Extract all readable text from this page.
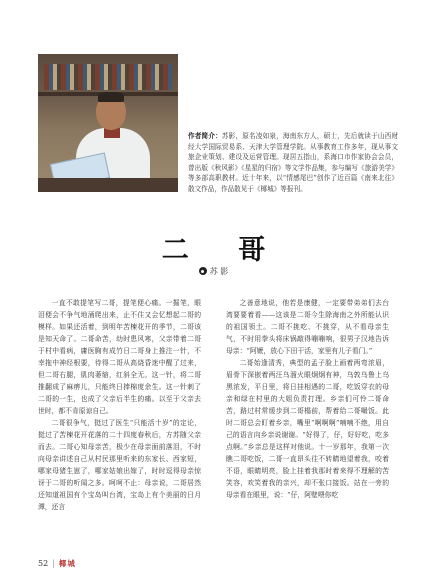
作者简介：苏影，原名凌如泉，海南东方人，硕士，先后就读于山西财经大学国际贸易系、天津大学管理学院。从事教育工作多年，现从事文旅企业策划、建设及运营管理。现居五指山，系海口市作家协会会员，曾出版《秋风影》《星星的归宿》等文学作品集，参与编写《旅游美学》等多部高职教材。近十年来，以“情感尾巴”创作了近百篇《南来北往》散文作品，作品散见于《椰城》等报刊。
二 哥
苏 影

一直不敢提笔写二哥，提笔便心痛。一掘笔，眼泪便会不争气地涌爬出来，止不住又会忆想起二哥的模样。如果还活着，到明年苦楝花开的季节，二哥该是知天命了。二哥命苦，幼时患风寒，父亲带着二哥于村中看病，庸医胸有成竹日二哥身上推注一针，不幸拖中神经根要，待得二哥从高烧昏迷中醒了过来，但二哥右腿，肌肉萎缩，红斜全无。这一针，将二哥推翻成了麻痹儿，只能终日捧棉度余生。这一针刺了二哥的一生，也成了父亲后半生的痛。以至于父亲去世时，都不肯原谅自己。

二哥很争气，挺过了医生“只能活十岁”的定论，挺过了苦楝花开花落的二十四度春秋后，方苏随父亲而去。二哥心知母亲苦，极少在母亲面前落泪，不时向母亲讲述自己从村民那里听来的东家长、西家短，哪家母猪生崽了，哪家姑娘出嫁了，时时逗得母亲惊讶于二哥的听闻之多。呵呵不止：母亲说，二哥居然还知道祖国有个宝岛叫台湾，宝岛上有个美丽的日月潭，还言

之善意地说，他若是康健，一定要带弟弟们去台湾要要着看——这该是二哥今生除海南之外所能认识的祖国领土。二哥不挑吃、不挑穿，从不看母亲生气，不时用拳头将床锅敲得嘣嘣响，很男子汉地告诉母亲：“阿嬷，放心下田干活，家里有儿子看门。”

二哥始逢清秀，典型的孟子脸上画着两弯浓眉，眉骨下深嵌着两汪乌溜火眼炯炯有神，乌敦乌鲁上乌黑浓发，平日里，将日挂相遇的二哥，吃饭穿衣的母亲和绿在村里的大姐负责打理。乡亲们可怜二哥命苦，路过村常缓步到二哥榻前，帮着给二哥嘬饭。此时二哥总会盯着乡亲，嘴里“啊啊啊”喃喃不绝，用自己的语言向乡亲说谢谢。“好得了，仔，好好吃，吃多点啊。”乡亲总是这样对他说。十一岁那年，我第一次瞧二哥吃饭，二哥一直昂头往不转睛地望着我，咬着不语，眼睛明亮，脸上挂着我那时着来得不理解的苦笑容，欢笑着我的亲兴，却不张口接饭。站在一旁的母亲看在眼里，说：“仔，阿壁喂你吃

52 | 椰城
